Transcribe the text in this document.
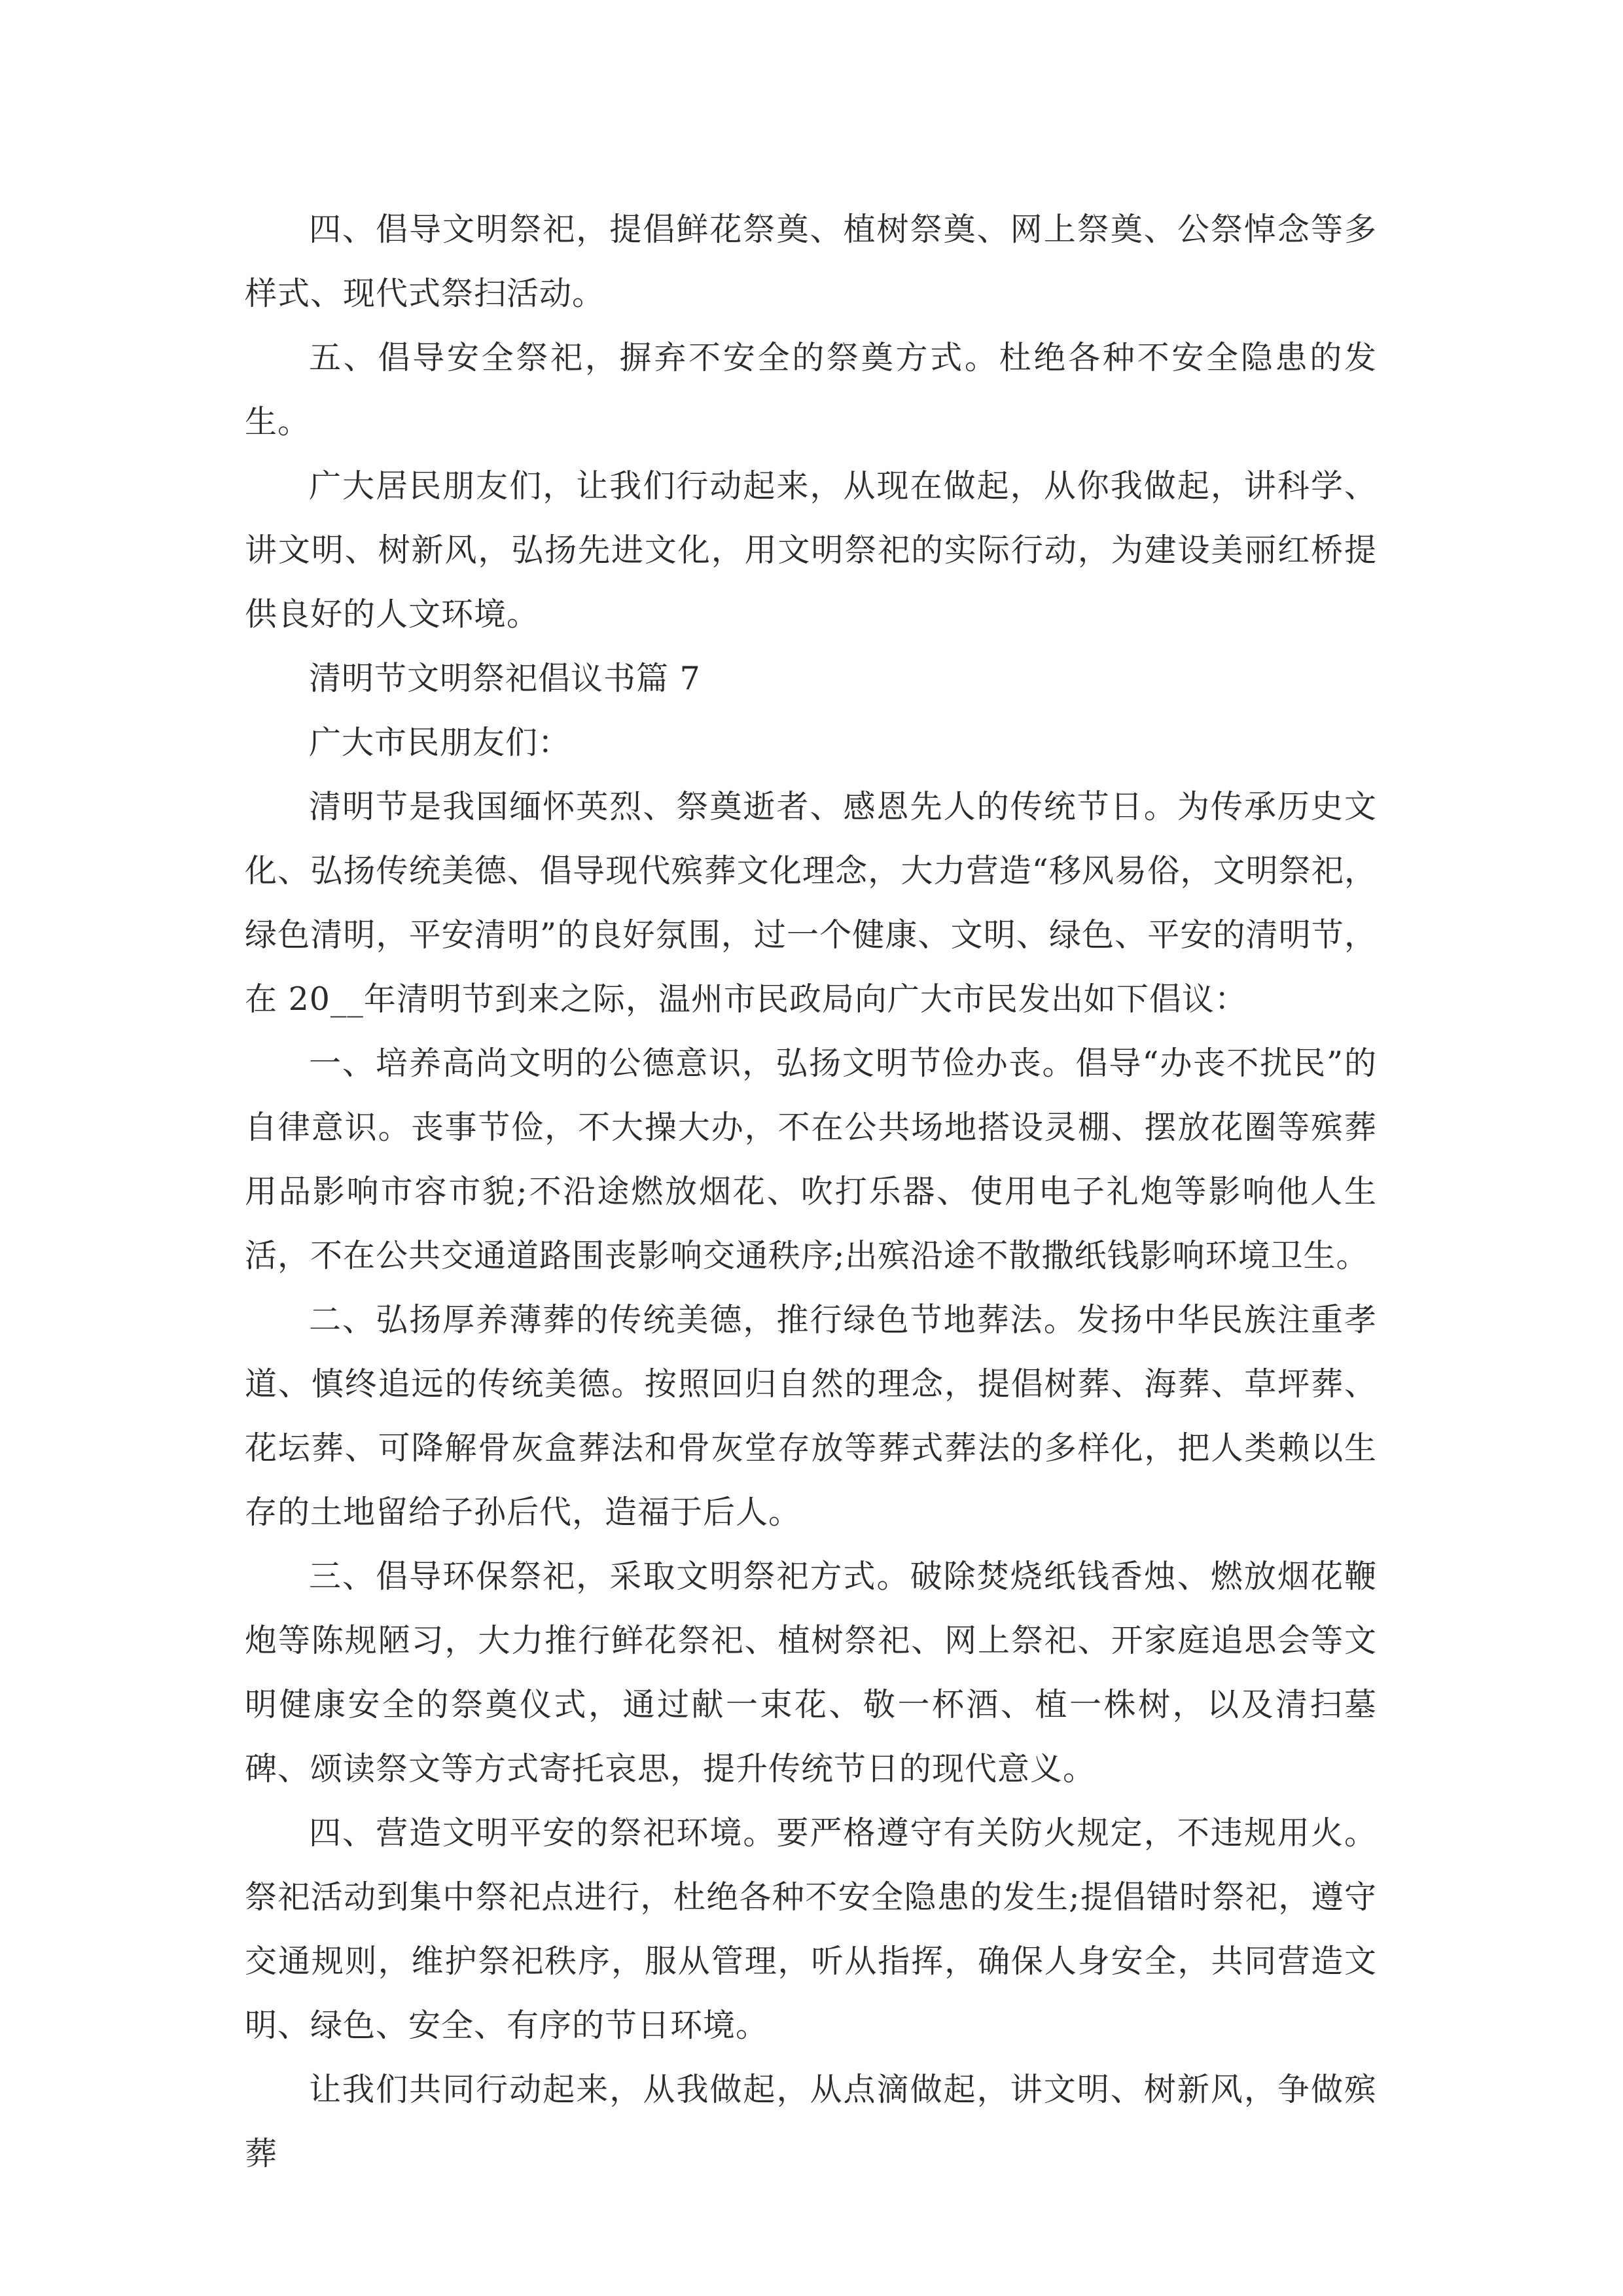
四、倡导文明祭祀，提倡鲜花祭奠、植树祭奠、网上祭奠、公祭悼念等多样式、现代式祭扫活动。

五、倡导安全祭祀，摒弃不安全的祭奠方式。杜绝各种不安全隐患的发生。

广大居民朋友们，让我们行动起来，从现在做起，从你我做起，讲科学、讲文明、树新风，弘扬先进文化，用文明祭祀的实际行动，为建设美丽红桥提供良好的人文环境。

清明节文明祭祀倡议书篇 7

广大市民朋友们：

清明节是我国缅怀英烈、祭奠逝者、感恩先人的传统节日。为传承历史文化、弘扬传统美德、倡导现代殡葬文化理念，大力营造“移风易俗，文明祭祀，绿色清明，平安清明”的良好氛围，过一个健康、文明、绿色、平安的清明节，在 20__年清明节到来之际，温州市民政局向广大市民发出如下倡议：

一、培养高尚文明的公德意识，弘扬文明节俭办丧。倡导“办丧不扰民”的自律意识。丧事节俭，不大操大办，不在公共场地搭设灵棚、摆放花圈等殡葬用品影响市容市貌;不沿途燃放烟花、吹打乐器、使用电子礼炮等影响他人生活，不在公共交通道路围丧影响交通秩序;出殡沿途不散撒纸钱影响环境卫生。

二、弘扬厚养薄葬的传统美德，推行绿色节地葬法。发扬中华民族注重孝道、慎终追远的传统美德。按照回归自然的理念，提倡树葬、海葬、草坪葬、花坛葬、可降解骨灰盒葬法和骨灰堂存放等葬式葬法的多样化，把人类赖以生存的土地留给子孙后代，造福于后人。

三、倡导环保祭祀，采取文明祭祀方式。破除焚烧纸钱香烛、燃放烟花鞭炮等陈规陋习，大力推行鲜花祭祀、植树祭祀、网上祭祀、开家庭追思会等文明健康安全的祭奠仪式，通过献一束花、敬一杯酒、植一株树，以及清扫墓碑、颂读祭文等方式寄托哀思，提升传统节日的现代意义。

四、营造文明平安的祭祀环境。要严格遵守有关防火规定，不违规用火。祭祀活动到集中祭祀点进行，杜绝各种不安全隐患的发生;提倡错时祭祀，遵守交通规则，维护祭祀秩序，服从管理，听从指挥，确保人身安全，共同营造文明、绿色、安全、有序的节日环境。

让我们共同行动起来，从我做起，从点滴做起，讲文明、树新风，争做殡葬
